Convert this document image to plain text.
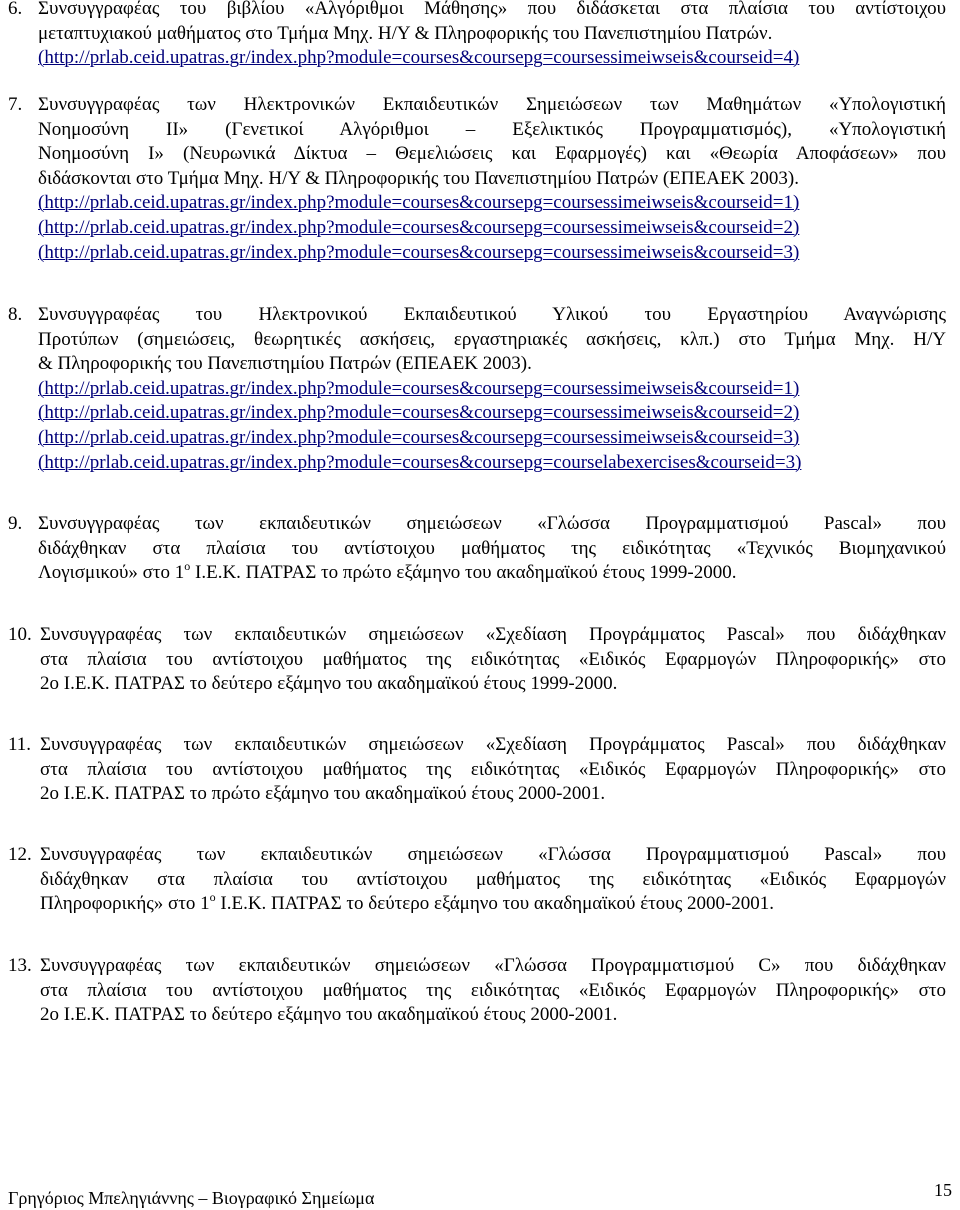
6. Συνσυγγραφέας του βιβλίου «Αλγόριθμοι Μάθησης» που διδάσκεται στα πλαίσια του αντίστοιχου
μεταπτυχιακού μαθήματος στο Τμήμα Μηχ. Η/Υ & Πληροφορικής του Πανεπιστημίου Πατρών.
(http://prlab.ceid.upatras.gr/index.php?module=courses&coursepg=coursessimeiwseis&courseid=4)
7. Συνσυγγραφέας των Ηλεκτρονικών Εκπαιδευτικών Σημειώσεων των Μαθημάτων «Υπολογιστική
Νοημοσύνη ΙΙ» (Γενετικοί Αλγόριθμοι – Εξελικτικός Προγραμματισμός), «Υπολογιστική
Νοημοσύνη Ι» (Νευρωνικά Δίκτυα – Θεμελιώσεις και Εφαρμογές) και «Θεωρία Αποφάσεων» που
διδάσκονται στο Τμήμα Μηχ. Η/Υ & Πληροφορικής του Πανεπιστημίου Πατρών (ΕΠΕΑΕΚ 2003).
(http://prlab.ceid.upatras.gr/index.php?module=courses&coursepg=coursessimeiwseis&courseid=1)
(http://prlab.ceid.upatras.gr/index.php?module=courses&coursepg=coursessimeiwseis&courseid=2)
(http://prlab.ceid.upatras.gr/index.php?module=courses&coursepg=coursessimeiwseis&courseid=3)
8. Συνσυγγραφέας του Ηλεκτρονικού Εκπαιδευτικού Υλικού του Εργαστηρίου Αναγνώρισης
Προτύπων (σημειώσεις, θεωρητικές ασκήσεις, εργαστηριακές ασκήσεις, κλπ.) στο Τμήμα Μηχ. Η/Υ
& Πληροφορικής του Πανεπιστημίου Πατρών (ΕΠΕΑΕΚ 2003).
(http://prlab.ceid.upatras.gr/index.php?module=courses&coursepg=coursessimeiwseis&courseid=1)
(http://prlab.ceid.upatras.gr/index.php?module=courses&coursepg=coursessimeiwseis&courseid=2)
(http://prlab.ceid.upatras.gr/index.php?module=courses&coursepg=coursessimeiwseis&courseid=3)
(http://prlab.ceid.upatras.gr/index.php?module=courses&coursepg=courselabexercises&courseid=3)
9. Συνσυγγραφέας των εκπαιδευτικών σημειώσεων «Γλώσσα Προγραμματισμού Pascal» που
διδάχθηκαν στα πλαίσια του αντίστοιχου μαθήματος της ειδικότητας «Τεχνικός Βιομηχανικού
Λογισμικού» στο $1^o$ Ι.Ε.Κ. ΠΑΤΡΑΣ το πρώτο εξάμηνο του ακαδημαϊκού έτους 1999-2000.
10. Συνσυγγραφέας των εκπαιδευτικών σημειώσεων «Σχεδίαση Προγράμματος Pascal» που διδάχθηκαν
στα πλαίσια του αντίστοιχου μαθήματος της ειδικότητας «Ειδικός Εφαρμογών Πληροφορικής» στο
2ο Ι.Ε.Κ. ΠΑΤΡΑΣ το δεύτερο εξάμηνο του ακαδημαϊκού έτους 1999-2000.
11. Συνσυγγραφέας των εκπαιδευτικών σημειώσεων «Σχεδίαση Προγράμματος Pascal» που διδάχθηκαν
στα πλαίσια του αντίστοιχου μαθήματος της ειδικότητας «Ειδικός Εφαρμογών Πληροφορικής» στο
2ο Ι.Ε.Κ. ΠΑΤΡΑΣ το πρώτο εξάμηνο του ακαδημαϊκού έτους 2000-2001.
12. Συνσυγγραφέας των εκπαιδευτικών σημειώσεων «Γλώσσα Προγραμματισμού Pascal» που
διδάχθηκαν στα πλαίσια του αντίστοιχου μαθήματος της ειδικότητας «Ειδικός Εφαρμογών
Πληροφορικής» στο $1^o$ Ι.Ε.Κ. ΠΑΤΡΑΣ το δεύτερο εξάμηνο του ακαδημαϊκού έτους 2000-2001.
13. Συνσυγγραφέας των εκπαιδευτικών σημειώσεων «Γλώσσα Προγραμματισμού C» που διδάχθηκαν
στα πλαίσια του αντίστοιχου μαθήματος της ειδικότητας «Ειδικός Εφαρμογών Πληροφορικής» στο
2ο Ι.Ε.Κ. ΠΑΤΡΑΣ το δεύτερο εξάμηνο του ακαδημαϊκού έτους 2000-2001.
Γρηγόριος Μπεληγιάννης – Βιογραφικό Σημείωμα	15
